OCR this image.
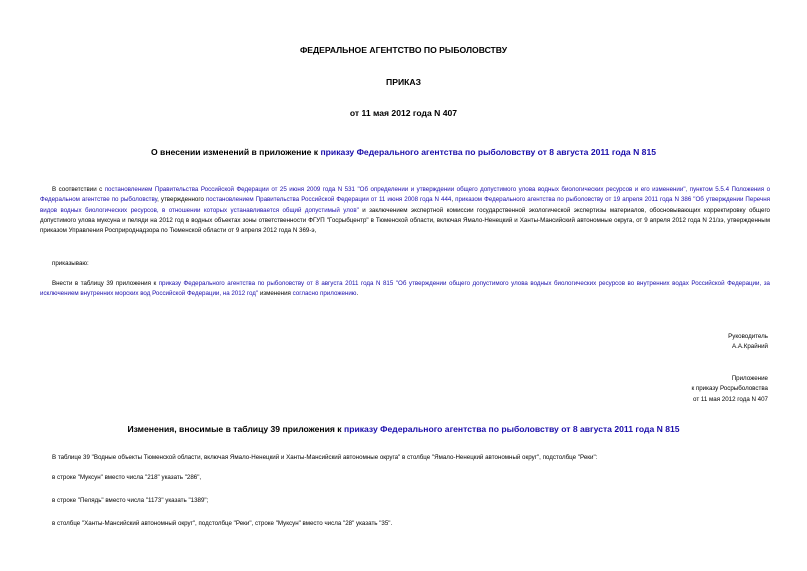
ФЕДЕРАЛЬНОЕ АГЕНТСТВО ПО РЫБОЛОВСТВУ
ПРИКАЗ
от 11 мая 2012 года N 407
О внесении изменений в приложение к приказу Федерального агентства по рыболовству от 8 августа 2011 года N 815
В соответствии с постановлением Правительства Российской Федерации от 25 июня 2009 года N 531 "Об определении и утверждении общего допустимого улова водных биологических ресурсов и его изменении", пунктом 5.5.4 Положения о Федеральном агентстве по рыболовству, утвержденного постановлением Правительства Российской Федерации от 11 июня 2008 года N 444, приказом Федерального агентства по рыболовству от 19 апреля 2011 года N 386 "Об утверждении Перечня видов водных биологических ресурсов, в отношении которых устанавливается общий допустимый улов" и заключением экспертной комиссии государственной экологической экспертизы материалов, обосновывающих корректировку общего допустимого улова муксуна и пеляди на 2012 год в водных объектах зоны ответственности ФГУП "Госрыбцентр" в Тюменской области, включая Ямало-Ненецкий и Ханты-Мансийский автономные округа, от 9 апреля 2012 года N 21/зэ, утвержденным приказом Управления Росприроднадзора по Тюменской области от 9 апреля 2012 года N 369-э,
приказываю:
Внести в таблицу 39 приложения к приказу Федерального агентства по рыболовству от 8 августа 2011 года N 815 "Об утверждении общего допустимого улова водных биологических ресурсов во внутренних водах Российской Федерации, за исключением внутренних морских вод Российской Федерации, на 2012 год" изменения согласно приложению.
Руководитель
А.А.Крайний
Приложение
к приказу Росрыболовства
от 11 мая 2012 года N 407
Изменения, вносимые в таблицу 39 приложения к приказу Федерального агентства по рыболовству от 8 августа 2011 года N 815
В таблице 39 "Водные объекты Тюменской области, включая Ямало-Ненецкий и Ханты-Мансийский автономные округа" в столбце "Ямало-Ненецкий автономный округ", подстолбце "Реки":
в строке "Муксун" вместо числа "218" указать "286",
в строке "Пелядь" вместо числа "1173" указать "1389";
в столбце "Ханты-Мансийский автономный округ", подстолбце "Реки", строке "Муксун" вместо числа "28" указать "35".
